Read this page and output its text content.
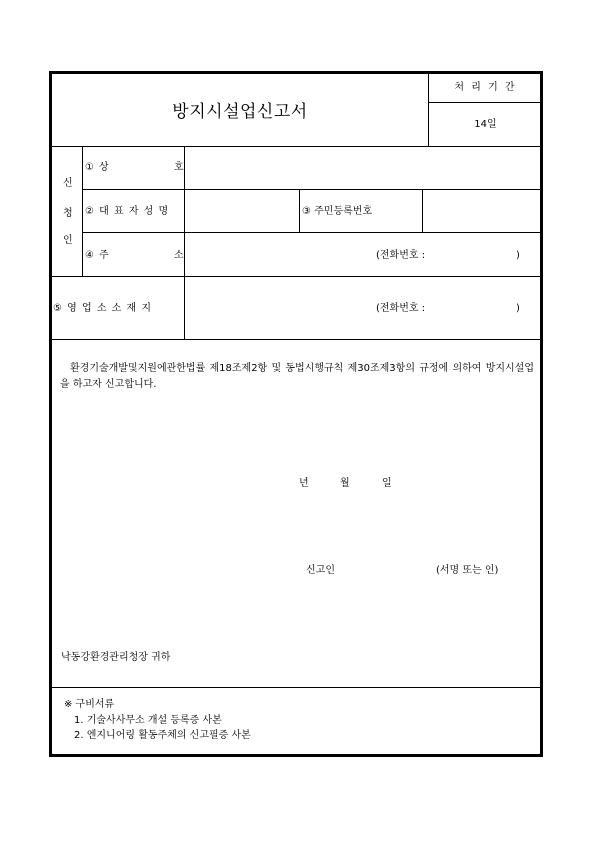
방지시설업신고서
처 리 기 간
14일
신
청
인
① 상	호
② 대 표 자 성 명	③ 주민등록번호
④ 주	소	(전화번호 :	)
⑤ 영 업 소 소 재 지	(전화번호 :	)
환경기술개발및지원에관한법률 제18조제2항 및 동법시행규칙 제30조제3항의 규정에 의하여 방지시설업을 하고자 신고합니다.
년	월	일
신고인	(서명 또는 인)
낙동강환경관리청장 귀하
※ 구비서류
1. 기술사사무소 개설 등록증 사본
2. 엔지니어링 활동주체의 신고필증 사본
